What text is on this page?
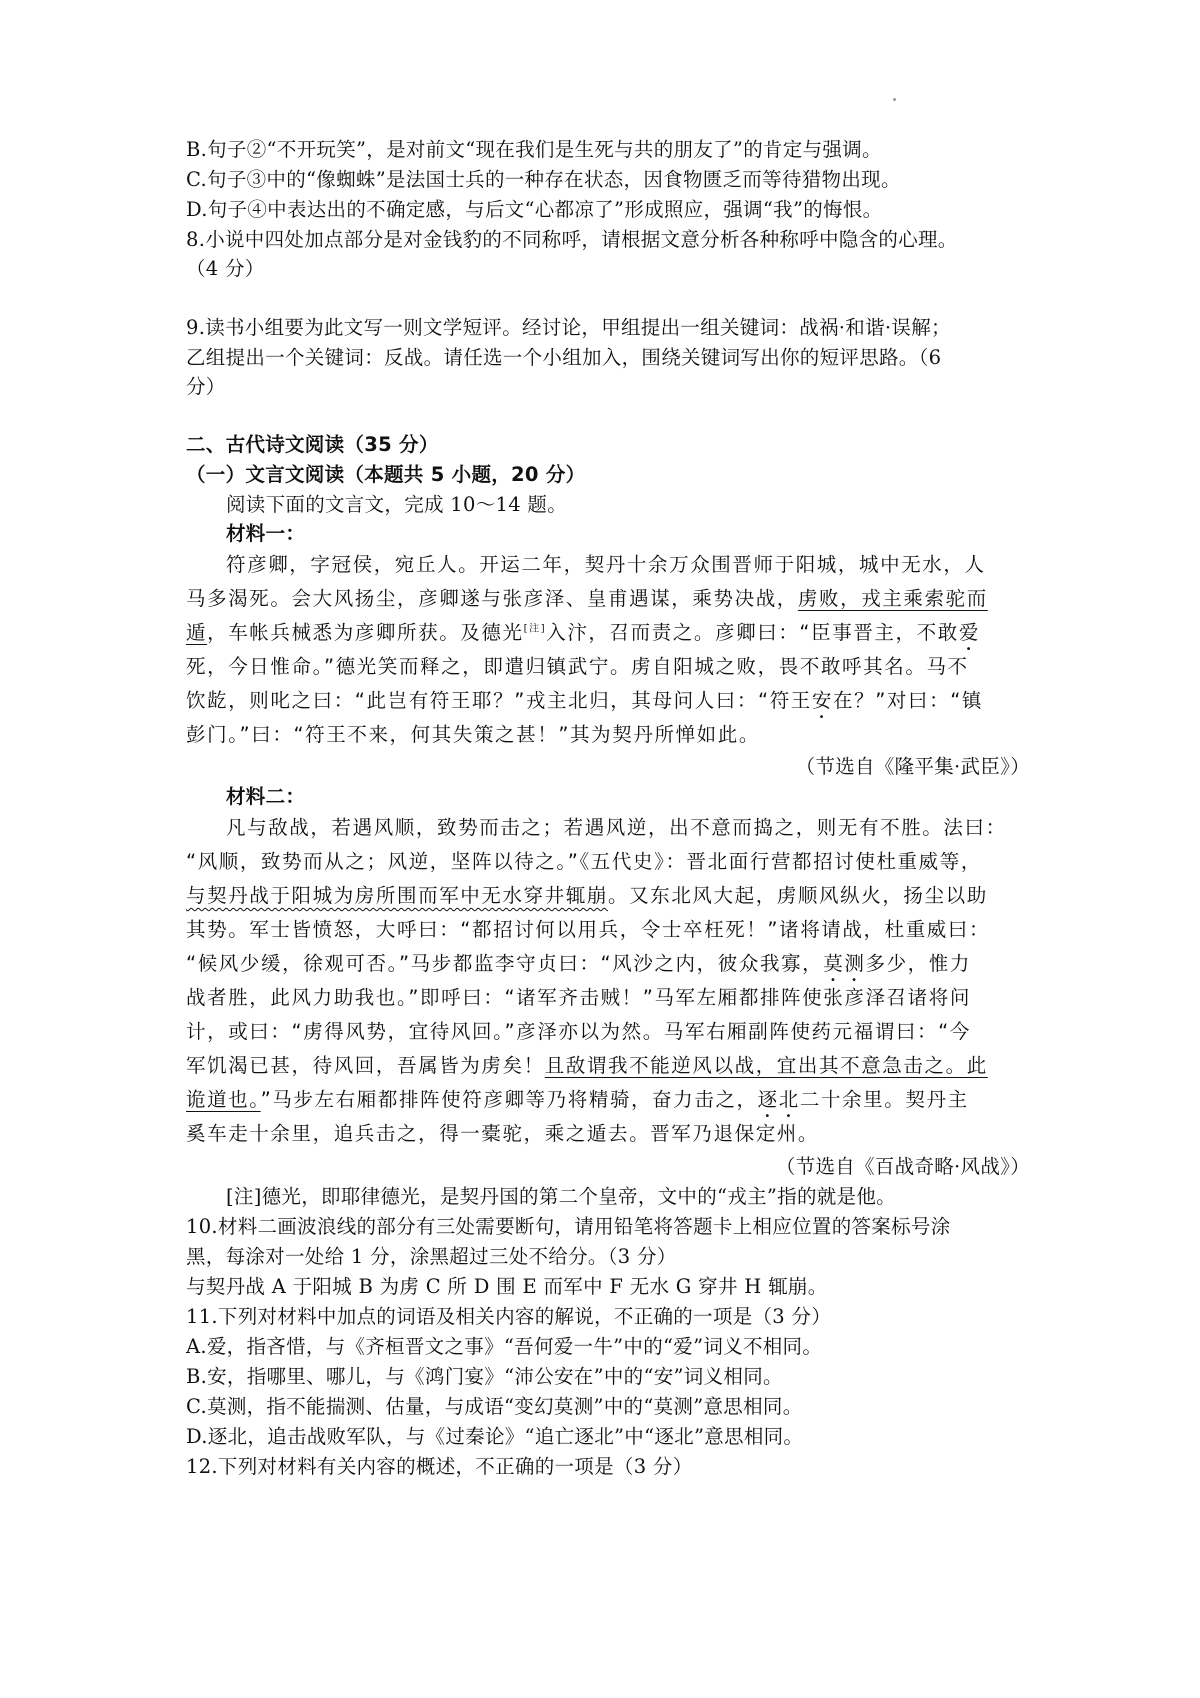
B.句子②“不开玩笑”，是对前文“现在我们是生死与共的朋友了”的肯定与强调。
C.句子③中的“像蜘蛛”是法国士兵的一种存在状态，因食物匮乏而等待猎物出现。
D.句子④中表达出的不确定感，与后文“心都凉了”形成照应，强调“我”的悔恨。
8.小说中四处加点部分是对金钱豹的不同称呼，请根据文意分析各种称呼中隐含的心理。
（4 分）
9.读书小组要为此文写一则文学短评。经讨论，甲组提出一组关键词：战祸·和谐·误解；
乙组提出一个关键词：反战。请任选一个小组加入，围绕关键词写出你的短评思路。（6
分）
二、古代诗文阅读（35 分）
（一）文言文阅读（本题共 5 小题，20 分）
阅读下面的文言文，完成 10～14 题。
材料一：
符彦卿，字冠侯，宛丘人。开运二年，契丹十余万众围晋师于阳城，城中无水，人
马多渴死。会大风扬尘，彦卿遂与张彦泽、皇甫遇谋，乘势决战，虏败，戎主乘索驼而
遁，车帐兵械悉为彦卿所获。及德光[注]入汴，召而责之。彦卿曰：“臣事晋主，不敢爱
死，今日惟命。”德光笑而释之，即遣归镇武宁。虏自阳城之败，畏不敢呼其名。马不
饮龁，则叱之曰：“此岂有符王耶？”戎主北归，其母问人曰：“符王安在？”对曰：“镇
彭门。”曰：“符王不来，何其失策之甚！”其为契丹所惮如此。
（节选自《隆平集·武臣》）
材料二：
凡与敌战，若遇风顺，致势而击之；若遇风逆，出不意而捣之，则无有不胜。法曰：
“风顺，致势而从之；风逆，坚阵以待之。”《五代史》：晋北面行营都招讨使杜重威等，
与契丹战于阳城为房所围而军中无水穿井辄崩。又东北风大起，虏顺风纵火，扬尘以助
其势。军士皆愤怒，大呼曰：“都招讨何以用兵，令士卒枉死！”诸将请战，杜重威曰：
“候风少缓，徐观可否。”马步都监李守贞曰：“风沙之内，彼众我寡，莫测多少，惟力
战者胜，此风力助我也。”即呼曰：“诸军齐击贼！”马军左厢都排阵使张彦泽召诸将问
计，或曰：“虏得风势，宜待风回。”彦泽亦以为然。马军右厢副阵使药元福谓曰：“今
军饥渴已甚，待风回，吾属皆为虏矣！且敌谓我不能逆风以战，宜出其不意急击之。此
诡道也。”马步左右厢都排阵使符彦卿等乃将精骑，奋力击之，逐北二十余里。契丹主
奚车走十余里，追兵击之，得一橐驼，乘之遁去。晋军乃退保定州。
（节选自《百战奇略·风战》）
[注]德光，即耶律德光，是契丹国的第二个皇帝，文中的“戎主”指的就是他。
10.材料二画波浪线的部分有三处需要断句，请用铅笔将答题卡上相应位置的答案标号涂
黑，每涂对一处给 1 分，涂黑超过三处不给分。（3 分）
与契丹战 A 于阳城 B 为虏 C 所 D 围 E 而军中 F 无水 G 穿井 H 辄崩。
11.下列对材料中加点的词语及相关内容的解说，不正确的一项是（3 分）
A.爱，指吝惜，与《齐桓晋文之事》“吾何爱一牛”中的“爱”词义不相同。
B.安，指哪里、哪儿，与《鸿门宴》“沛公安在”中的“安”词义相同。
C.莫测，指不能揣测、估量，与成语“变幻莫测”中的“莫测”意思相同。
D.逐北，追击战败军队，与《过秦论》“追亡逐北”中“逐北”意思相同。
12.下列对材料有关内容的概述，不正确的一项是（3 分）
